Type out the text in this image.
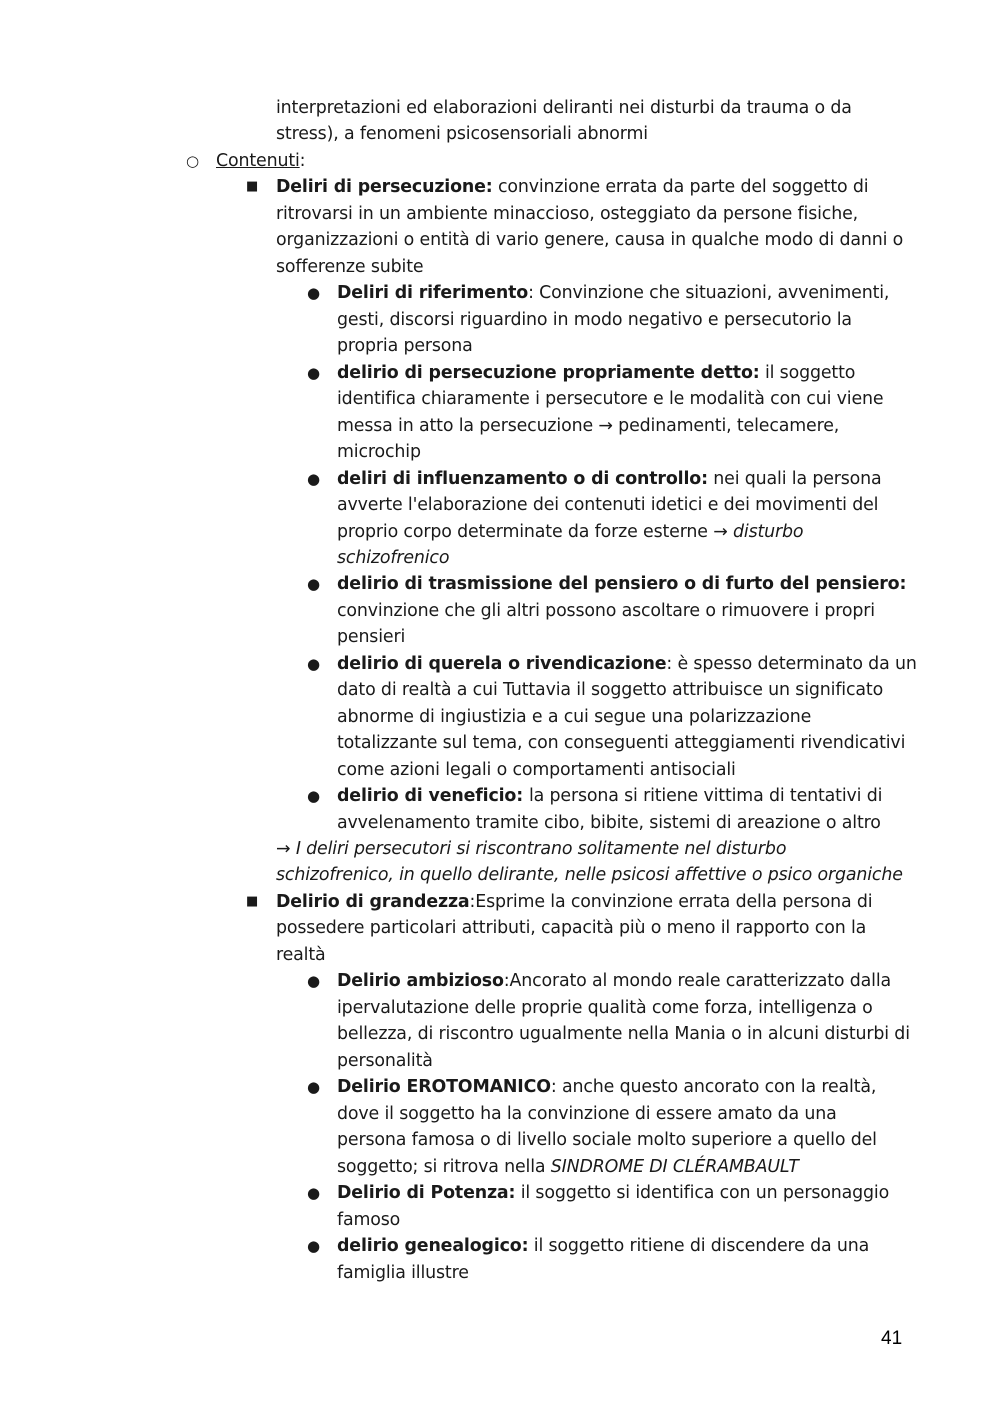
interpretazioni ed elaborazioni deliranti nei disturbi da trauma o da
stress), a fenomeni psicosensoriali abnormi
○ Contenuti:
■ Deliri di persecuzione: convinzione errata da parte del soggetto di
ritrovarsi in un ambiente minaccioso, osteggiato da persone fisiche,
organizzazioni o entità di vario genere, causa in qualche modo di danni o
sofferenze subite
● Deliri di riferimento: Convinzione che situazioni, avvenimenti,
gesti, discorsi riguardino in modo negativo e persecutorio la
propria persona
● delirio di persecuzione propriamente detto: il soggetto
identifica chiaramente i persecutore e le modalità con cui viene
messa in atto la persecuzione → pedinamenti, telecamere,
microchip
● deliri di influenzamento o di controllo: nei quali la persona
avverte l'elaborazione dei contenuti idetici e dei movimenti del
proprio corpo determinate da forze esterne → disturbo
schizofrenico
● delirio di trasmissione del pensiero o di furto del pensiero:
convinzione che gli altri possono ascoltare o rimuovere i propri
pensieri
● delirio di querela o rivendicazione: è spesso determinato da un
dato di realtà a cui Tuttavia il soggetto attribuisce un significato
abnorme di ingiustizia e a cui segue una polarizzazione
totalizzante sul tema, con conseguenti atteggiamenti rivendicativi
come azioni legali o comportamenti antisociali
● delirio di veneficio: la persona si ritiene vittima di tentativi di
avvelenamento tramite cibo, bibite, sistemi di areazione o altro
→ I deliri persecutori si riscontrano solitamente nel disturbo
schizofrenico, in quello delirante, nelle psicosi affettive o psico organiche
■ Delirio di grandezza:Esprime la convinzione errata della persona di
possedere particolari attributi, capacità più o meno il rapporto con la
realtà
● Delirio ambizioso:Ancorato al mondo reale caratterizzato dalla
ipervalutazione delle proprie qualità come forza, intelligenza o
bellezza, di riscontro ugualmente nella Mania o in alcuni disturbi di
personalità
● Delirio EROTOMANICO: anche questo ancorato con la realtà,
dove il soggetto ha la convinzione di essere amato da una
persona famosa o di livello sociale molto superiore a quello del
soggetto; si ritrova nella SINDROME DI CLÉRAMBAULT
● Delirio di Potenza: il soggetto si identifica con un personaggio
famoso
● delirio genealogico: il soggetto ritiene di discendere da una
famiglia illustre
41
